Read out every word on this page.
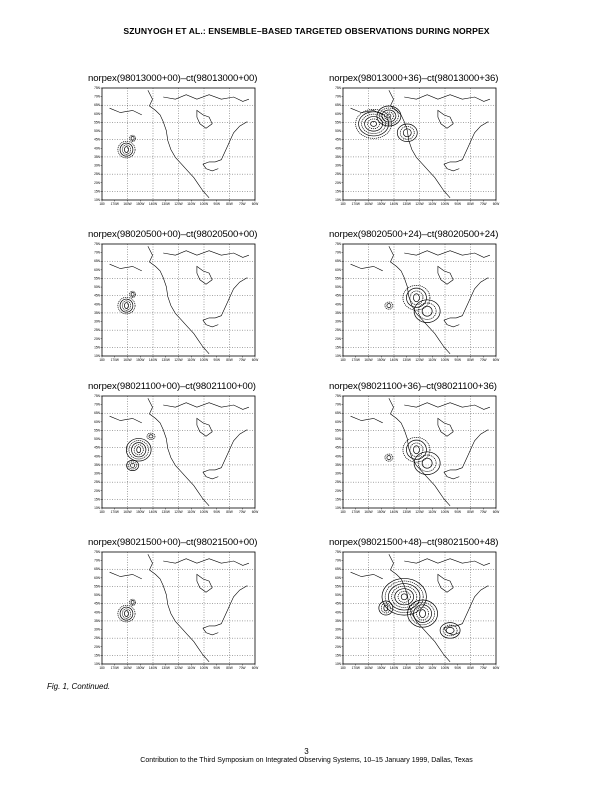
SZUNYOGH ET AL.: ENSEMBLE–BASED TARGETED OBSERVATIONS DURING NORPEX
norpex(98013000+00)–ct(98013000+00)
75N
70N
65N
60N
55N
50N
45N
40N
35N
30N
25N
20N
15N
10N
180 170W 160W 150W 140W 130W 120W 110W 100W 90W 80W 70W 60W
norpex(98013000+36)–ct(98013000+36)
75N
70N
65N
60N
55N
50N
45N
40N
35N
30N
25N
20N
15N
10N
180 170W 160W 150W 140W 130W 120W 110W 100W 90W 80W 70W 60W
norpex(98020500+00)–ct(98020500+00)
75N
70N
65N
60N
55N
50N
45N
40N
35N
30N
25N
20N
15N
10N
180 170W 160W 150W 140W 130W 120W 110W 100W 90W 80W 70W 60W
norpex(98020500+24)–ct(98020500+24)
75N
70N
65N
60N
55N
50N
45N
40N
35N
30N
25N
20N
15N
10N
180 170W 160W 150W 140W 130W 120W 110W 100W 90W 80W 70W 60W
norpex(98021100+00)–ct(98021100+00)
75N
70N
65N
60N
55N
50N
45N
40N
35N
30N
25N
20N
15N
10N
180 170W 160W 150W 140W 130W 120W 110W 100W 90W 80W 70W 60W
norpex(98021100+36)–ct(98021100+36)
75N
70N
65N
60N
55N
50N
45N
40N
35N
30N
25N
20N
15N
10N
180 170W 160W 150W 140W 130W 120W 110W 100W 90W 80W 70W 60W
norpex(98021500+00)–ct(98021500+00)
75N
70N
65N
60N
55N
50N
45N
40N
35N
30N
25N
20N
15N
10N
180 170W 160W 150W 140W 130W 120W 110W 100W 90W 80W 70W 60W
norpex(98021500+48)–ct(98021500+48)
75N
70N
65N
60N
55N
50N
45N
40N
35N
30N
25N
20N
15N
10N
180 170W 160W 150W 140W 130W 120W 110W 100W 90W 80W 70W 60W
Fig. 1, Continued.
3
Contribution to the Third Symposium on Integrated Observing Systems, 10–15 January 1999, Dallas, Texas
